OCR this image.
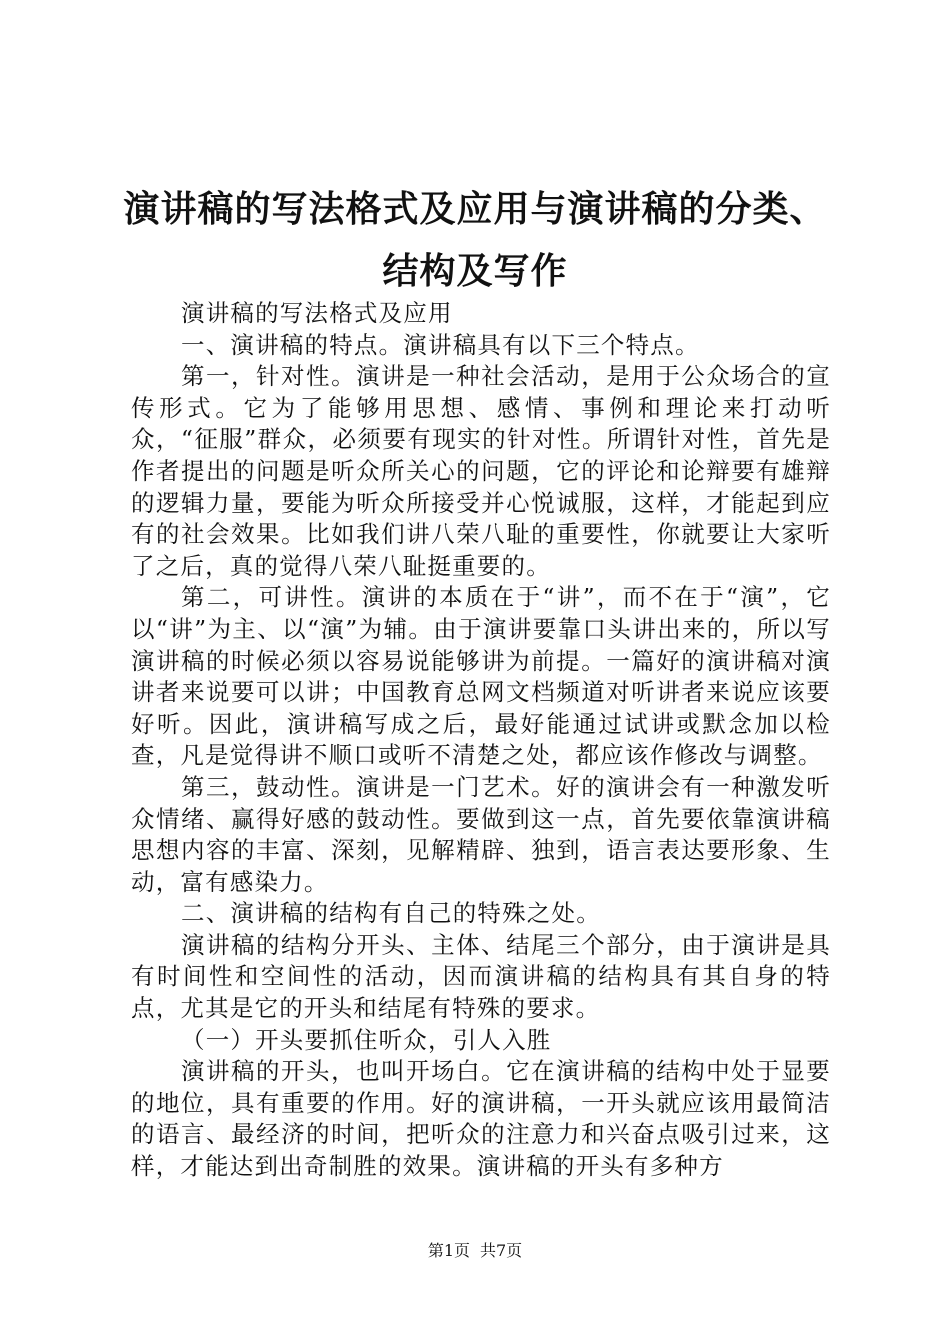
演讲稿的写法格式及应用与演讲稿的分类、结构及写作

演讲稿的写法格式及应用

一、演讲稿的特点。演讲稿具有以下三个特点。

第一，针对性。演讲是一种社会活动，是用于公众场合的宣传形式。它为了能够用思想、感情、事例和理论来打动听众，“征服”群众，必须要有现实的针对性。所谓针对性，首先是作者提出的问题是听众所关心的问题，它的评论和论辩要有雄辩的逻辑力量，要能为听众所接受并心悦诚服，这样，才能起到应有的社会效果。比如我们讲八荣八耻的重要性，你就要让大家听了之后，真的觉得八荣八耻挺重要的。

第二，可讲性。演讲的本质在于“讲”，而不在于“演”，它以“讲”为主、以“演”为辅。由于演讲要靠口头讲出来的，所以写演讲稿的时候必须以容易说能够讲为前提。一篇好的演讲稿对演讲者来说要可以讲；中国教育总网文档频道对听讲者来说应该要好听。因此，演讲稿写成之后，最好能通过试讲或默念加以检查，凡是觉得讲不顺口或听不清楚之处，都应该作修改与调整。

第三，鼓动性。演讲是一门艺术。好的演讲会有一种激发听众情绪、赢得好感的鼓动性。要做到这一点，首先要依靠演讲稿思想内容的丰富、深刻，见解精辟、独到，语言表达要形象、生动，富有感染力。

二、演讲稿的结构有自己的特殊之处。

演讲稿的结构分开头、主体、结尾三个部分，由于演讲是具有时间性和空间性的活动，因而演讲稿的结构具有其自身的特点，尤其是它的开头和结尾有特殊的要求。

（一）开头要抓住听众，引人入胜

演讲稿的开头，也叫开场白。它在演讲稿的结构中处于显要的地位，具有重要的作用。好的演讲稿，一开头就应该用最简洁的语言、最经济的时间，把听众的注意力和兴奋点吸引过来，这样，才能达到出奇制胜的效果。演讲稿的开头有多种方

第1页 共7页
